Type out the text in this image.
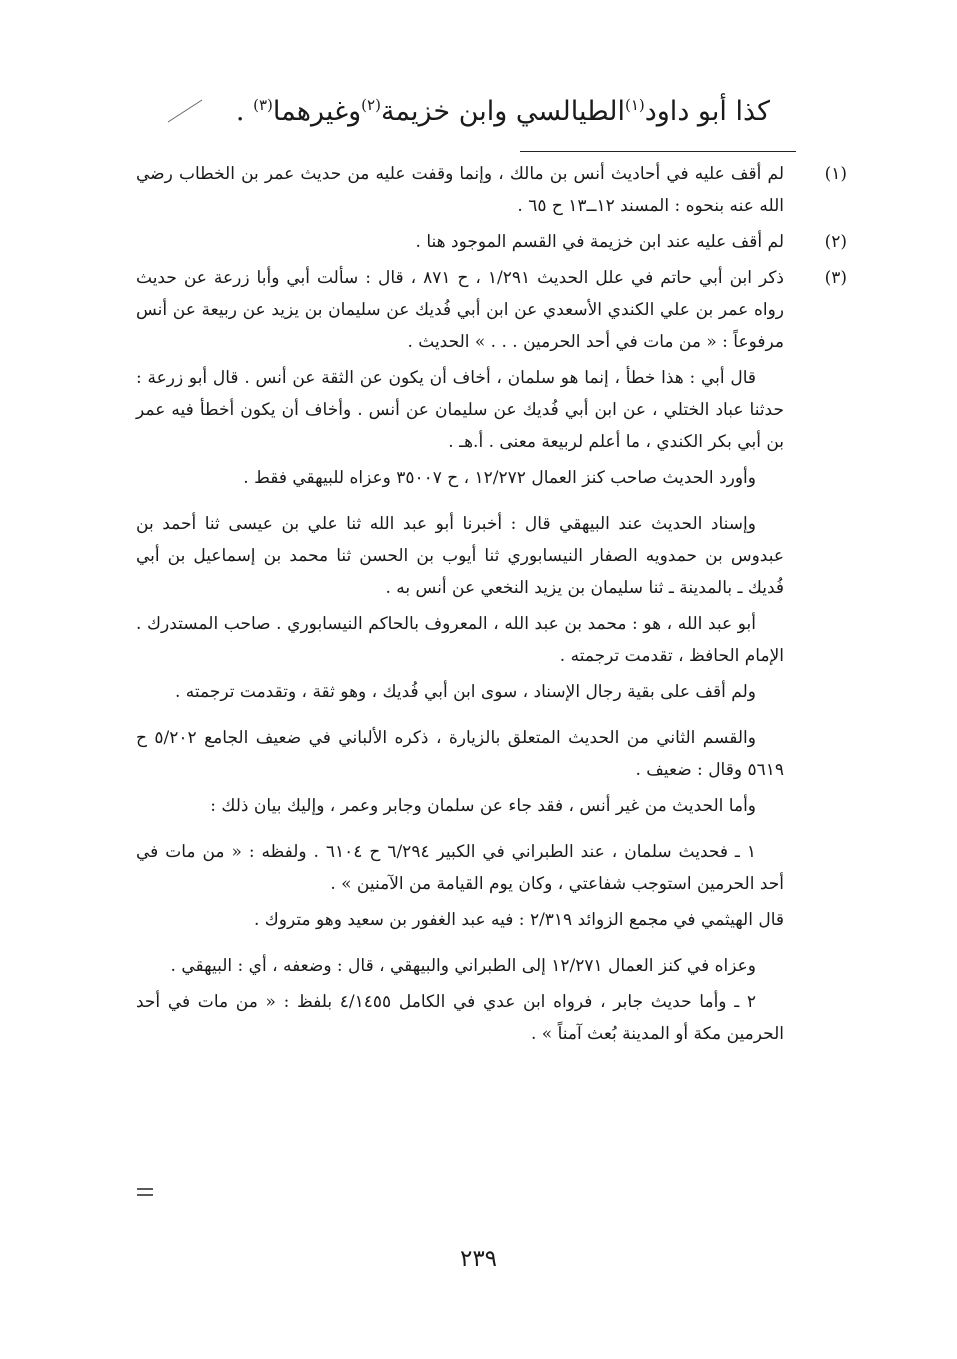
كذا أبو داود$^{(١)}$الطيالسي وابن خزيمة$^{(٢)}$وغيرهما$^{(٣)}$ .

(١)

لم أقف عليه في أحاديث أنس بن مالك ، وإنما وقفت عليه من حديث عمر بن الخطاب رضي الله عنه بنحوه : المسند ١٢ــ١٣ ح ٦٥ .

(٢)

لم أقف عليه عند ابن خزيمة في القسم الموجود هنا .

(٣)

ذكر ابن أبي حاتم في علل الحديث ١/٢٩١ ، ح ٨٧١ ، قال : سألت أبي وأبا زرعة عن حديث رواه عمر بن علي الكندي الأسعدي عن ابن أبي فُديك عن سليمان بن يزيد عن ربيعة عن أنس مرفوعاً : « من مات في أحد الحرمين . . . » الحديث .

قال أبي : هذا خطأ ، إنما هو سلمان ، أخاف أن يكون عن الثقة عن أنس . قال أبو زرعة : حدثنا عباد الختلي ، عن ابن أبي فُديك عن سليمان عن أنس . وأخاف أن يكون أخطأ فيه عمر بن أبي بكر الكندي ، ما أعلم لربيعة معنى . أ.هـ .

وأورد الحديث صاحب كنز العمال ١٢/٢٧٢ ، ح ٣٥٠٠٧ وعزاه للبيهقي فقط .

وإسناد الحديث عند البيهقي قال : أخبرنا أبو عبد الله ثنا علي بن عيسى ثنا أحمد بن عبدوس بن حمدويه الصفار النيسابوري ثنا أيوب بن الحسن ثنا محمد بن إسماعيل بن أبي فُديك ـ بالمدينة ـ ثنا سليمان بن يزيد النخعي عن أنس به .

أبو عبد الله ، هو : محمد بن عبد الله ، المعروف بالحاكم النيسابوري . صاحب المستدرك . الإمام الحافظ ، تقدمت ترجمته .

ولم أقف على بقية رجال الإسناد ، سوى ابن أبي فُديك ، وهو ثقة ، وتقدمت ترجمته .

والقسم الثاني من الحديث المتعلق بالزيارة ، ذكره الألباني في ضعيف الجامع ٥/٢٠٢ ح ٥٦١٩ وقال : ضعيف .

وأما الحديث من غير أنس ، فقد جاء عن سلمان وجابر وعمر ، وإليك بيان ذلك :

١ ـ فحديث سلمان ، عند الطبراني في الكبير ٦/٢٩٤ ح ٦١٠٤ . ولفظه : « من مات في أحد الحرمين استوجب شفاعتي ، وكان يوم القيامة من الآمنين » .

قال الهيثمي في مجمع الزوائد ٢/٣١٩ : فيه عبد الغفور بن سعيد وهو متروك .

وعزاه في كنز العمال ١٢/٢٧١ إلى الطبراني والبيهقي ، قال : وضعفه ، أي : البيهقي .

٢ ـ وأما حديث جابر ، فرواه ابن عدي في الكامل ٤/١٤٥٥ بلفظ : « من مات في أحد الحرمين مكة أو المدينة بُعث آمناً » .

٢٣٩
